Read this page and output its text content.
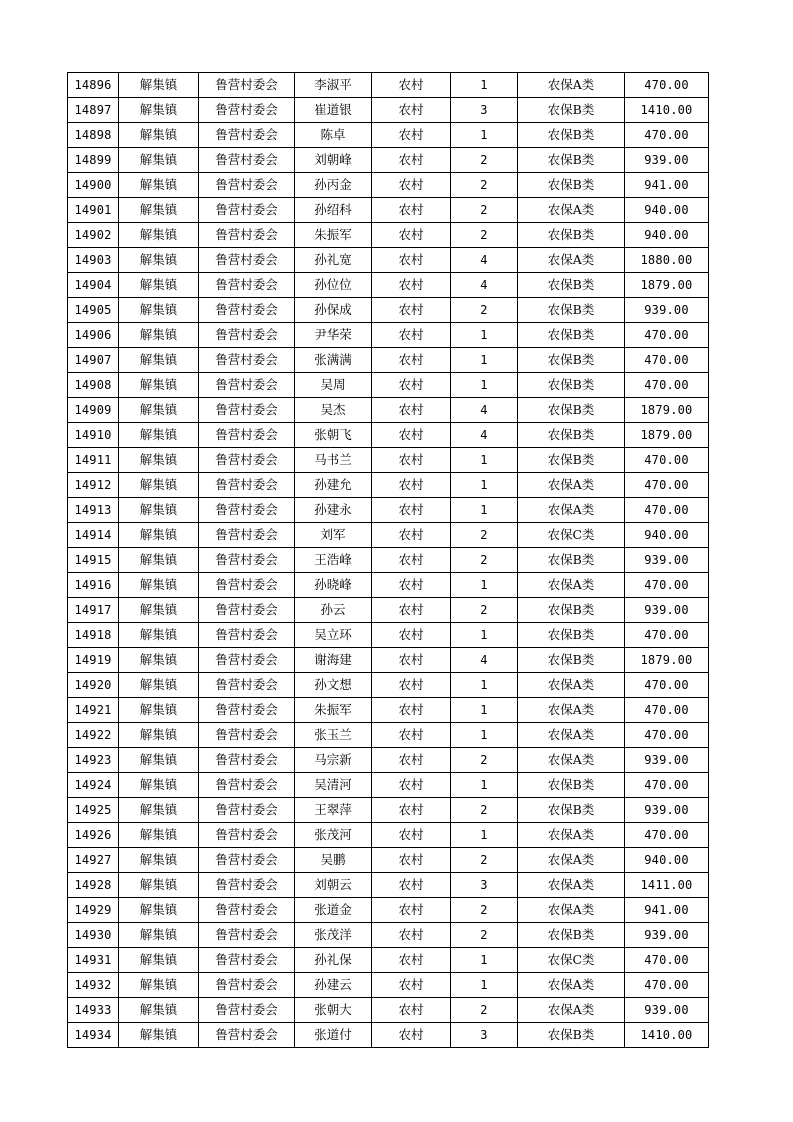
14896	解集镇	鲁营村委会	李淑平	农村	1	农保A类	470.00
14897	解集镇	鲁营村委会	崔道银	农村	3	农保B类	1410.00
14898	解集镇	鲁营村委会	陈卓	农村	1	农保B类	470.00
14899	解集镇	鲁营村委会	刘朝峰	农村	2	农保B类	939.00
14900	解集镇	鲁营村委会	孙丙金	农村	2	农保B类	941.00
14901	解集镇	鲁营村委会	孙绍科	农村	2	农保A类	940.00
14902	解集镇	鲁营村委会	朱振军	农村	2	农保B类	940.00
14903	解集镇	鲁营村委会	孙礼宽	农村	4	农保A类	1880.00
14904	解集镇	鲁营村委会	孙位位	农村	4	农保B类	1879.00
14905	解集镇	鲁营村委会	孙保成	农村	2	农保B类	939.00
14906	解集镇	鲁营村委会	尹华荣	农村	1	农保B类	470.00
14907	解集镇	鲁营村委会	张满满	农村	1	农保B类	470.00
14908	解集镇	鲁营村委会	吴周	农村	1	农保B类	470.00
14909	解集镇	鲁营村委会	吴杰	农村	4	农保B类	1879.00
14910	解集镇	鲁营村委会	张朝飞	农村	4	农保B类	1879.00
14911	解集镇	鲁营村委会	马书兰	农村	1	农保B类	470.00
14912	解集镇	鲁营村委会	孙建允	农村	1	农保A类	470.00
14913	解集镇	鲁营村委会	孙建永	农村	1	农保A类	470.00
14914	解集镇	鲁营村委会	刘军	农村	2	农保C类	940.00
14915	解集镇	鲁营村委会	王浩峰	农村	2	农保B类	939.00
14916	解集镇	鲁营村委会	孙晓峰	农村	1	农保A类	470.00
14917	解集镇	鲁营村委会	孙云	农村	2	农保B类	939.00
14918	解集镇	鲁营村委会	吴立环	农村	1	农保B类	470.00
14919	解集镇	鲁营村委会	谢海建	农村	4	农保B类	1879.00
14920	解集镇	鲁营村委会	孙文想	农村	1	农保A类	470.00
14921	解集镇	鲁营村委会	朱振军	农村	1	农保A类	470.00
14922	解集镇	鲁营村委会	张玉兰	农村	1	农保A类	470.00
14923	解集镇	鲁营村委会	马宗新	农村	2	农保A类	939.00
14924	解集镇	鲁营村委会	吴清河	农村	1	农保B类	470.00
14925	解集镇	鲁营村委会	王翠萍	农村	2	农保B类	939.00
14926	解集镇	鲁营村委会	张茂河	农村	1	农保A类	470.00
14927	解集镇	鲁营村委会	吴鹏	农村	2	农保A类	940.00
14928	解集镇	鲁营村委会	刘朝云	农村	3	农保A类	1411.00
14929	解集镇	鲁营村委会	张道金	农村	2	农保A类	941.00
14930	解集镇	鲁营村委会	张茂洋	农村	2	农保B类	939.00
14931	解集镇	鲁营村委会	孙礼保	农村	1	农保C类	470.00
14932	解集镇	鲁营村委会	孙建云	农村	1	农保A类	470.00
14933	解集镇	鲁营村委会	张朝大	农村	2	农保A类	939.00
14934	解集镇	鲁营村委会	张道付	农村	3	农保B类	1410.00
